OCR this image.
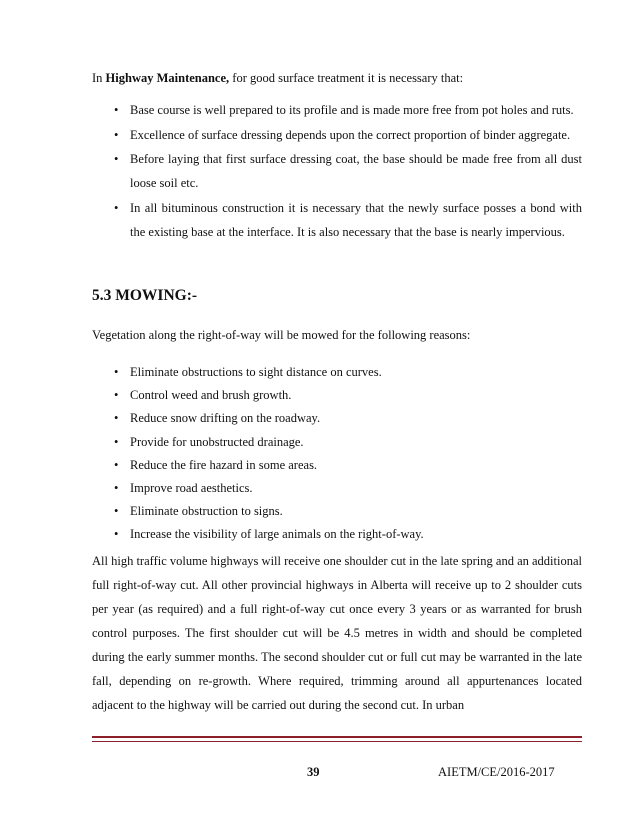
In Highway Maintenance, for good surface treatment it is necessary that:

• Base course is well prepared to its profile and is made more free from pot holes and ruts.
• Excellence of surface dressing depends upon the correct proportion of binder aggregate.
• Before laying that first surface dressing coat, the base should be made free from all dust loose soil etc.
• In all bituminous construction it is necessary that the newly surface posses a bond with the existing base at the interface. It is also necessary that the base is nearly impervious.
5.3 MOWING:-

Vegetation along the right-of-way will be mowed for the following reasons:

• Eliminate obstructions to sight distance on curves.
• Control weed and brush growth.
• Reduce snow drifting on the roadway.
• Provide for unobstructed drainage.
• Reduce the fire hazard in some areas.
• Improve road aesthetics.
• Eliminate obstruction to signs.
• Increase the visibility of large animals on the right-of-way.

All high traffic volume highways will receive one shoulder cut in the late spring and an additional full right-of-way cut. All other provincial highways in Alberta will receive up to 2 shoulder cuts per year (as required) and a full right-of-way cut once every 3 years or as warranted for brush control purposes. The first shoulder cut will be 4.5 metres in width and should be completed during the early summer months. The second shoulder cut or full cut may be warranted in the late fall, depending on re-growth. Where required, trimming around all appurtenances located adjacent to the highway will be carried out during the second cut. In urban

39	AIETM/CE/2016-2017
